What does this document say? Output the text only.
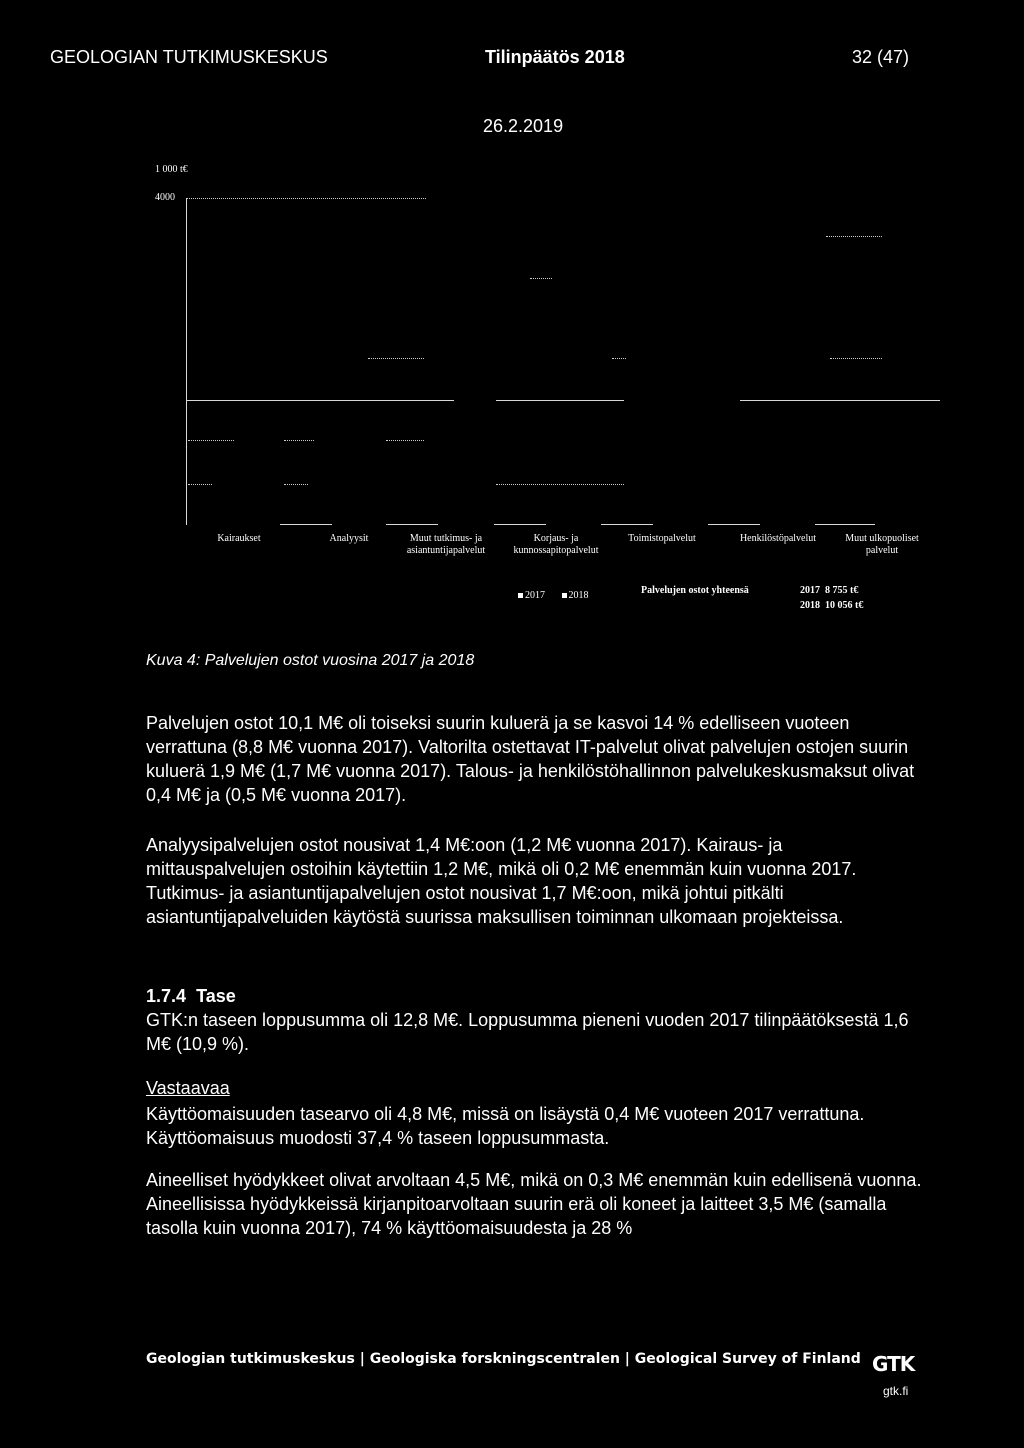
GEOLOGIAN TUTKIMUSKESKUS	Tilinpäätös 2018	32 (47)
26.2.2019
1 000 t€
4000
Kairaukset	Analyysit	Muut tutkimus- ja asiantuntijapalvelut
Korjaus- ja kunnossapitopalvelut
Toimistopalvelut	Henkilöstöpalvelut	Muut ulkopuoliset palvelut
2017 2018	Palvelujen ostot yhteensä	2017 8 755 t€
2018 10 056 t€
Kuva 4: Palvelujen ostot vuosina 2017 ja 2018

Palvelujen ostot 10,1 M€ oli toiseksi suurin kuluerä ja se kasvoi 14 % edelliseen vuoteen verrattuna (8,8 M€ vuonna 2017). Valtorilta ostettavat IT-palvelut olivat palvelujen ostojen suurin kuluerä 1,9 M€ (1,7 M€ vuonna 2017). Talous- ja henkilöstöhallinnon palvelukeskusmaksut olivat 0,4 M€ ja (0,5 M€ vuonna 2017).

Analyysipalvelujen ostot nousivat 1,4 M€:oon (1,2 M€ vuonna 2017). Kairaus- ja mittauspalvelujen ostoihin käytettiin 1,2 M€, mikä oli 0,2 M€ enemmän kuin vuonna 2017. Tutkimus- ja asiantuntijapalvelujen ostot nousivat 1,7 M€:oon, mikä johtui pitkälti asiantuntijapalveluiden käytöstä suurissa maksullisen toiminnan ulkomaan projekteissa.

1.7.4 Tase

GTK:n taseen loppusumma oli 12,8 M€. Loppusumma pieneni vuoden 2017 tilinpäätöksestä 1,6 M€ (10,9 %).

Vastaavaa

Käyttöomaisuuden tasearvo oli 4,8 M€, missä on lisäystä 0,4 M€ vuoteen 2017 verrattuna. Käyttöomaisuus muodosti 37,4 % taseen loppusummasta.

Aineelliset hyödykkeet olivat arvoltaan 4,5 M€, mikä on 0,3 M€ enemmän kuin edellisenä vuonna. Aineellisissa hyödykkeissä kirjanpitoarvoltaan suurin erä oli koneet ja laitteet 3,5 M€ (samalla tasolla kuin vuonna 2017), 74 % käyttöomaisuudesta ja 28 %

Geologian tutkimuskeskus | Geologiska forskningscentralen | Geological Survey of Finland GTK
gtk.fi
